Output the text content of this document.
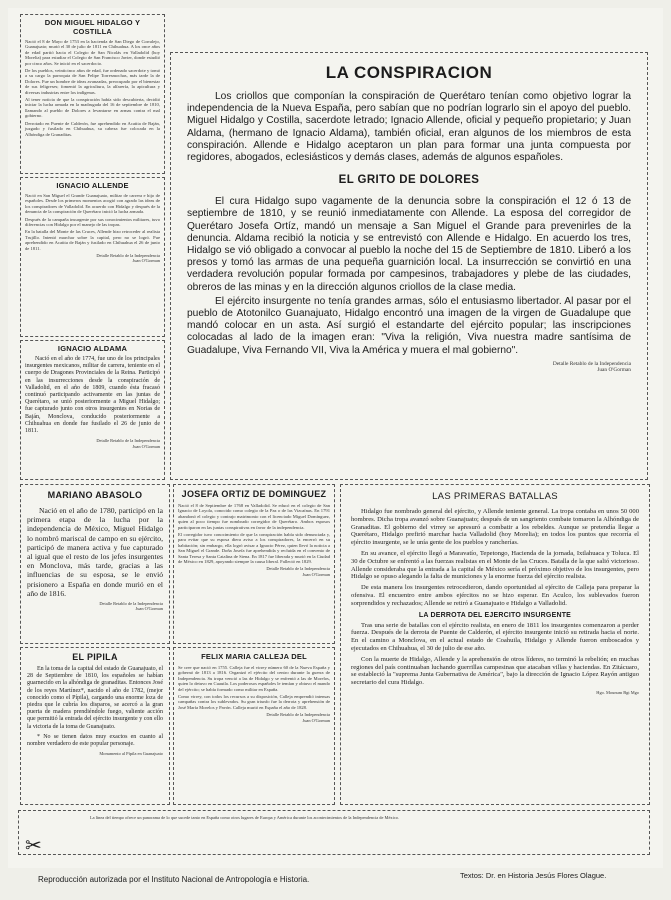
DON MIGUEL HIDALGO Y COSTILLA

Nació el 8 de Mayo de 1753 en la hacienda de San Diego de Corralejo, Guanajuato; murió el 30 de julio de 1811 en Chihuahua. A los once años de edad partió hacia el Colegio de San Nicolás en Valladolid (hoy Morelia) para estudiar el Colegio de San Francisco Javier, donde estudió por cinco años. Se inició en el sacerdocio.

De los pueblos, veinticinco años de edad, fue ordenado sacerdote y tomó a su cargo la parroquia de San Felipe Torresmochas, más tarde la de Dolores. Fue un hombre de ideas avanzadas, preocupado por el bienestar de sus feligreses; fomentó la agricultura, la alfarería, la apicultura y diversas industrias entre los indígenas.

Al tener noticia de que la conspiración había sido descubierta, decidió iniciar la lucha armada en la madrugada del 16 de septiembre de 1810, llamando al pueblo de Dolores a levantarse en armas contra el mal gobierno.

Derrotado en Puente de Calderón, fue aprehendido en Acatita de Baján, juzgado y fusilado en Chihuahua, su cabeza fue colocada en la Alhóndiga de Granaditas.

IGNACIO ALLENDE

Nació en San Miguel el Grande Guanajuato, militar de carrera e hijo de españoles. Desde los primeros momentos acogió con agrado las ideas de los conspiradores de Valladolid. En acuerdo con Hidalgo y después de la denuncia de la conspiración de Querétaro inició la lucha armada.

Después de la campaña insurgente por sus conocimientos militares, tuvo diferencias con Hidalgo por el manejo de las tropas.

En la batalla del Monte de las Cruces, Allende hizo retroceder al realista Trujillo. Intentó marchar sobre la capital, pero no se logró. Fue aprehendido en Acatita de Baján y fusilado en Chihuahua el 26 de junio de 1811.

Detalle Retablo de la Independencia
Juan O'Gorman
IGNACIO ALDAMA

Nació en el año de 1774, fue uno de los principales insurgentes mexicanos, militar de carrera, teniente en el cuerpo de Dragones Provinciales de la Reina. Participó en las insurrecciones desde la conspiración de Valladolid, en el año de 1809, cuando ésta fracasó continuó participando activamente en las juntas de Querétaro, se unió posteriormente a Miguel Hidalgo; fue capturado junto con otros insurgentes en Norias de Baján, Monclova, conducido posteriormente a Chihuahua en donde fue fusilado el 26 de junio de 1811.

Detalle Retablo de la Independencia
Juan O'Gorman
LA CONSPIRACION

Los criollos que componían la conspiración de Querétaro tenían como objetivo lograr la independencia de la Nueva España, pero sabían que no podrían lograrlo sin el apoyo del pueblo. Miguel Hidalgo y Costilla, sacerdote letrado; Ignacio Allende, oficial y pequeño propietario; y Juan Aldama, (hermano de Ignacio Aldama), también oficial, eran algunos de los miembros de esta conspiración. Allende e Hidalgo aceptaron un plan para formar una junta compuesta por regidores, abogados, eclesiásticos y demás clases, además de algunos españoles.

EL GRITO DE DOLORES

El cura Hidalgo supo vagamente de la denuncia sobre la conspiración el 12 ó 13 de septiembre de 1810, y se reunió inmediatamente con Allende. La esposa del corregidor de Querétaro Josefa Ortíz, mandó un mensaje a San Miguel el Grande para prevenirles de la denuncia. Aldama recibió la noticia y se entrevistó con Allende e Hidalgo. En acuerdo los tres, Hidalgo se vió obligado a convocar al pueblo la noche del 15 de Septiembre de 1810. Liberó a los presos y tomó las armas de una pequeña guarnición local. La insurrección se convirtió en una verdadera revolución popular formada por campesinos, trabajadores y plebe de las ciudades, obreros de las minas y en la dirección algunos criollos de la clase media.

El ejército insurgente no tenía grandes armas, sólo el entusiasmo libertador. Al pasar por el pueblo de Atotonilco Guanajuato, Hidalgo encontró una imagen de la virgen de Guadalupe que mandó colocar en un asta. Así surgió el estandarte del ejército popular; las inscripciones colocadas al lado de la imagen eran: "Viva la religión, Viva nuestra madre santísima de Guadalupe, Viva Fernando VII, Viva la América y muera el mal gobierno".

Detalle Retablo de la Independencia
Juan O'Gorman
MARIANO ABASOLO

Nació en el año de 1780, participó en la primera etapa de la lucha por la independencia de México, Miguel Hidalgo lo nombró mariscal de campo en su ejército, participó de manera activa y fue capturado al igual que el resto de los jefes insurgentes en Monclova, más tarde, gracias a las influencias de su esposa, se le envió prisionero a España en donde murió en el año de 1816.

Detalle Retablo de la Independencia
Juan O'Gorman
JOSEFA ORTIZ DE DOMINGUEZ

Nació el 8 de Septiembre de 1768 en Valladolid. Se educó en el colegio de San Ignacio de Loyola, conocido como colegio de la Paz o de las Vizcaínas. En 1791 abandonó el colegio y contrajo matrimonio con el licenciado Miguel Domínguez, quien al poco tiempo fue nombrado corregidor de Querétaro. Ambos esposos participaron en las juntas conspirativas en favor de la independencia.

El corregidor tuvo conocimiento de que la conspiración había sido denunciada y, para evitar que su esposa diera aviso a los conspiradores, la encerró en su habitación; sin embargo, ella logró avisar a Ignacio Pérez, quien llevó la noticia a San Miguel el Grande. Doña Josefa fue aprehendida y recluida en el convento de Santa Teresa y Santa Catalina de Siena. En 1817 fue liberada y murió en la Ciudad de México en 1829, apoyando siempre la causa liberal. Falleció en 1829.

Detalle Retablo de la Independencia
Juan O'Gorman
EL PIPILA

En la toma de la capital del estado de Guanajuato, el 28 de Septiembre de 1810, los españoles se habían guarnecido en la alhóndiga de granaditas. Entonces José de los reyes Martínez*, nacido el año de 1782, (mejor conocido como el Pípila), cargando una enorme loza de piedra que le cubría los disparos, se acercó a la gran puerta de madera prendiéndole fuego, valiente acción que permitió la entrada del ejército insurgente y con ello la victoria de la toma de Guanajuato.

* No se tienen datos muy exactos en cuanto al nombre verdadero de este popular personaje.

Monumento al Pípila en Guanajuato
FELIX MARIA CALLEJA DEL

Se cree que nació en 1755. Calleja fue el virrey número 60 de la Nueva España y gobernó de 1813 a 1816. Organizó el ejército del centro durante la guerra de Independencia. Su tropa venció a las de Hidalgo y se enfrentó a las de Morelos, quien lo detuvo en Cuautla. Los poderosos españoles le temían y obtuvo el mando del ejército; se había formado como militar en España.

Como virrey, con todos los recursos a su disposición, Calleja emprendió intensas campañas contra los sublevados. Su gran triunfo fue la derrota y aprehensión de José María Morelos y Pavón. Calleja murió en España el año de 1828.

Detalle Retablo de la Independencia
Juan O'Gorman
LAS PRIMERAS BATALLAS

Hidalgo fue nombrado general del ejército, y Allende teniente general. La tropa contaba en unos 50 000 hombres. Dicha tropa avanzó sobre Guanajuato; después de un sangriento combate tomaron la Alhóndiga de Granaditas. El gobierno del virrey se apresuró a combatir a los rebeldes. Aunque se pretendía llegar a Querétaro, Hidalgo prefirió marchar hacia Valladolid (hoy Morelia); en todos los puntos que recorría el ejército insurgente, se le unía gente de los pueblos y rancherías.

En su avance, el ejército llegó a Maravatío, Tepetongo, Hacienda de la jornada, Ixtlahuaca y Toluca. El 30 de Octubre se enfrentó a las fuerzas realistas en el Monte de las Cruces. Batalla de la que salió victorioso. Allende consideraba que la entrada a la capital de México sería el próximo objetivo de los insurgentes, pero Hidalgo se opuso alegando la falta de municiones y la enorme fuerza del ejército realista.

De esta manera los insurgentes retrocedieron, dando oportunidad al ejército de Calleja para preparar la ofensiva. El encuentro entre ambos ejércitos no se hizo esperar. En Aculco, los sublevados fueron sorprendidos y rechazados; Allende se retiró a Guanajuato e Hidalgo a Valladolid.

LA DERROTA DEL EJERCITO INSURGENTE

Tras una serie de batallas con el ejército realista, en enero de 1811 los insurgentes comenzaron a perder fuerza. Después de la derrota de Puente de Calderón, el ejército insurgente inició su retirada hacia el norte. En el camino a Monclova, en el actual estado de Coahuila, Hidalgo y Allende fueron emboscados y ejecutados en Chihuahua, el 30 de julio de ese año.

Con la muerte de Hidalgo, Allende y la aprehensión de otros líderes, no terminó la rebelión; en muchas regiones del país continuaban luchando guerrillas campesinas que atacaban villas y haciendas. En Zitácuaro, se estableció la "suprema Junta Gubernativa de América", bajo la dirección de Ignacio López Rayón antiguo secretario del cura Hidalgo.

Hgo. Mounum Bgt Mgo
✂
La línea del tiempo ofrece un panorama de lo que sucede tanto en España como otros lugares de Europa y América durante los acontecimientos de la Independencia de México.
Reproducción autorizada por el Instituto Nacional de Antropología e Historia.	Textos: Dr. en Historia Jesús Flores Olague.
